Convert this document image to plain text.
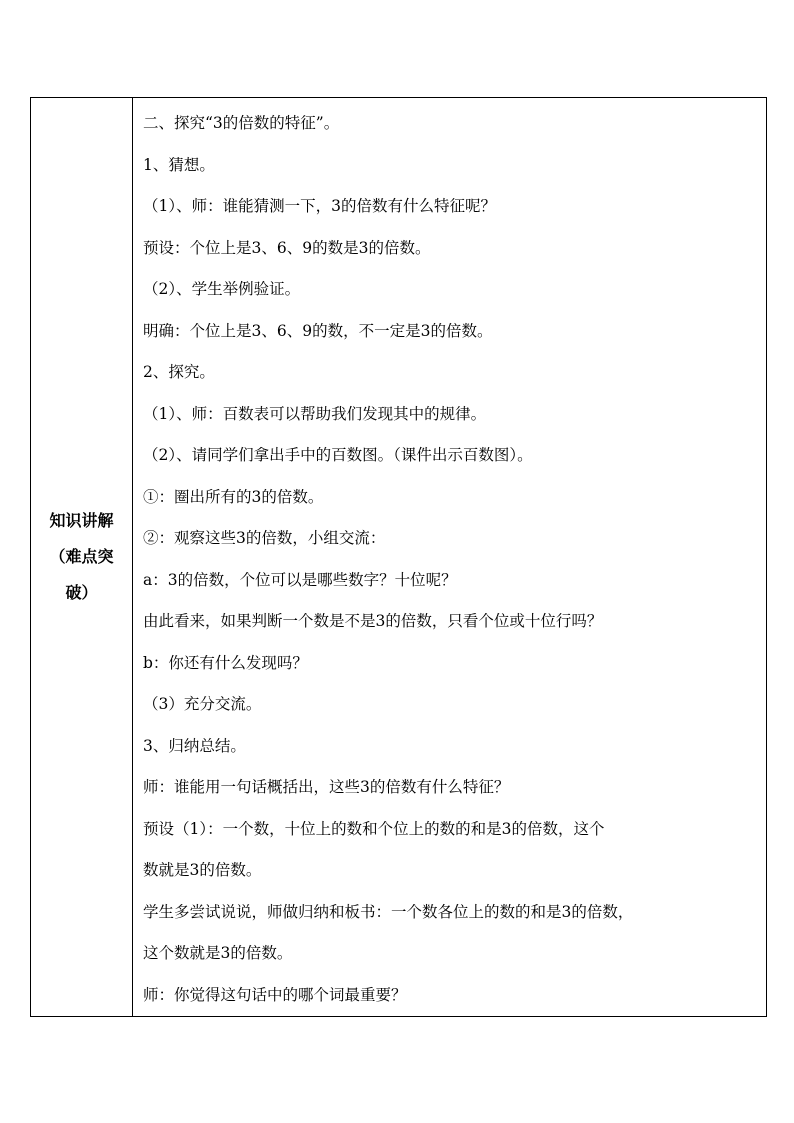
知识讲解
（难点突
破）

二、探究“3的倍数的特征”。
1、猜想。
（1）、师：谁能猜测一下，3的倍数有什么特征呢？
预设：个位上是3、6、9的数是3的倍数。
（2）、学生举例验证。
明确：个位上是3、6、9的数，不一定是3的倍数。
2、探究。
（1）、师：百数表可以帮助我们发现其中的规律。
（2）、请同学们拿出手中的百数图。（课件出示百数图）。
①：圈出所有的3的倍数。
②：观察这些3的倍数，小组交流：
a：3的倍数，个位可以是哪些数字？十位呢？
由此看来，如果判断一个数是不是3的倍数，只看个位或十位行吗？
b：你还有什么发现吗？
（3）充分交流。
3、归纳总结。
师：谁能用一句话概括出，这些3的倍数有什么特征？
预设（1）：一个数，十位上的数和个位上的数的和是3的倍数，这个
数就是3的倍数。
学生多尝试说说，师做归纳和板书：一个数各位上的数的和是3的倍数，
这个数就是3的倍数。
师：你觉得这句话中的哪个词最重要？
